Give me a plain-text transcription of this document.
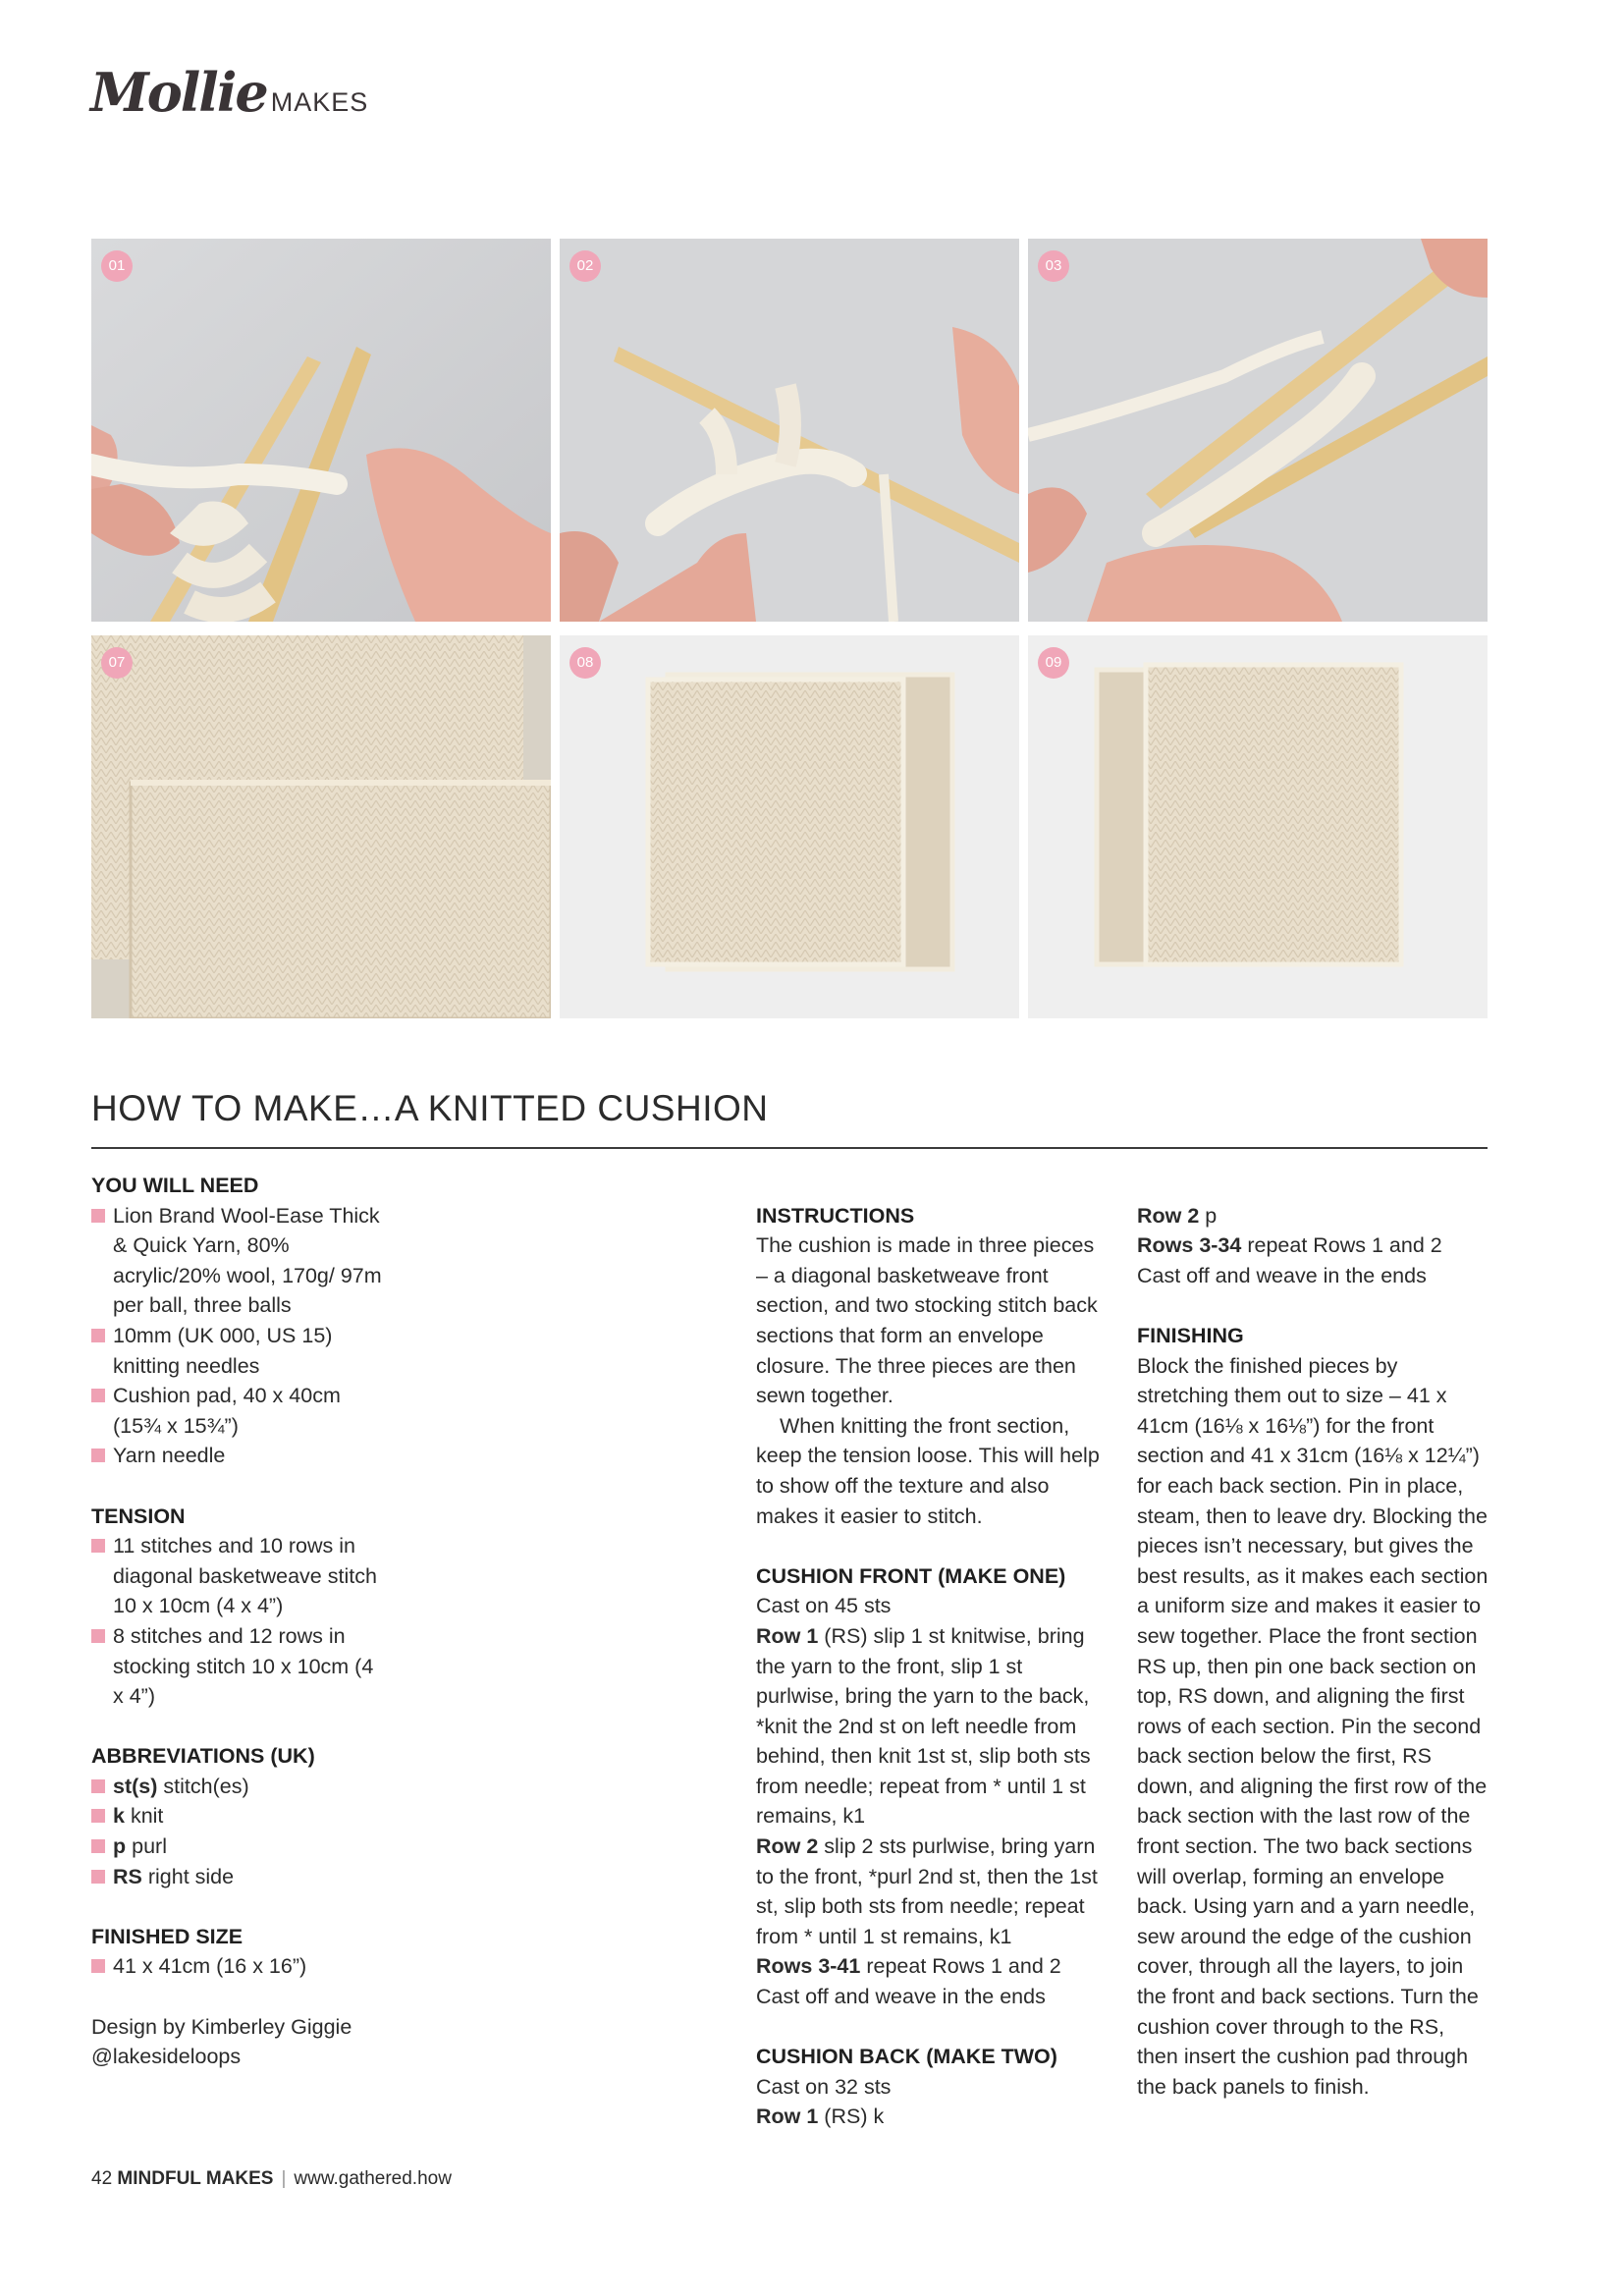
Mollie MAKES
01	02	03
07	08	09
HOW TO MAKE…A KNITTED CUSHION
YOU WILL NEED
Lion Brand Wool-Ease Thick & Quick Yarn, 80% acrylic/20% wool, 170g/ 97m per ball, three balls
10mm (UK 000, US 15) knitting needles
Cushion pad, 40 x 40cm (15¾ x 15¾”)
Yarn needle
TENSION
11 stitches and 10 rows in diagonal basketweave stitch 10 x 10cm (4 x 4”)
8 stitches and 12 rows in stocking stitch 10 x 10cm (4 x 4”)
ABBREVIATIONS (UK)
st(s) stitch(es)
k knit
p purl
RS right side
FINISHED SIZE
41 x 41cm (16 x 16”)
Design by Kimberley Giggie @lakesideloops
INSTRUCTIONS
The cushion is made in three pieces – a diagonal basketweave front section, and two stocking stitch back sections that form an envelope closure. The three pieces are then sewn together.
When knitting the front section, keep the tension loose. This will help to show off the texture and also makes it easier to stitch.
CUSHION FRONT (MAKE ONE)
Cast on 45 sts
Row 1 (RS) slip 1 st knitwise, bring the yarn to the front, slip 1 st purlwise, bring the yarn to the back, *knit the 2nd st on left needle from behind, then knit 1st st, slip both sts from needle; repeat from * until 1 st remains, k1
Row 2 slip 2 sts purlwise, bring yarn to the front, *purl 2nd st, then the 1st st, slip both sts from needle; repeat from * until 1 st remains, k1
Rows 3-41 repeat Rows 1 and 2
Cast off and weave in the ends
CUSHION BACK (MAKE TWO)
Cast on 32 sts
Row 1 (RS) k
Row 2 p
Rows 3-34 repeat Rows 1 and 2
Cast off and weave in the ends
FINISHING
Block the finished pieces by stretching them out to size – 41 x 41cm (16⅛ x 16⅛”) for the front section and 41 x 31cm (16⅛ x 12¼”) for each back section. Pin in place, steam, then to leave dry. Blocking the pieces isn’t necessary, but gives the best results, as it makes each section a uniform size and makes it easier to sew together. Place the front section RS up, then pin one back section on top, RS down, and aligning the first rows of each section. Pin the second back section below the first, RS down, and aligning the first row of the back section with the last row of the front section. The two back sections will overlap, forming an envelope back. Using yarn and a yarn needle, sew around the edge of the cushion cover, through all the layers, to join the front and back sections. Turn the cushion cover through to the RS, then insert the cushion pad through the back panels to finish.
42 MINDFUL MAKES | www.gathered.how
